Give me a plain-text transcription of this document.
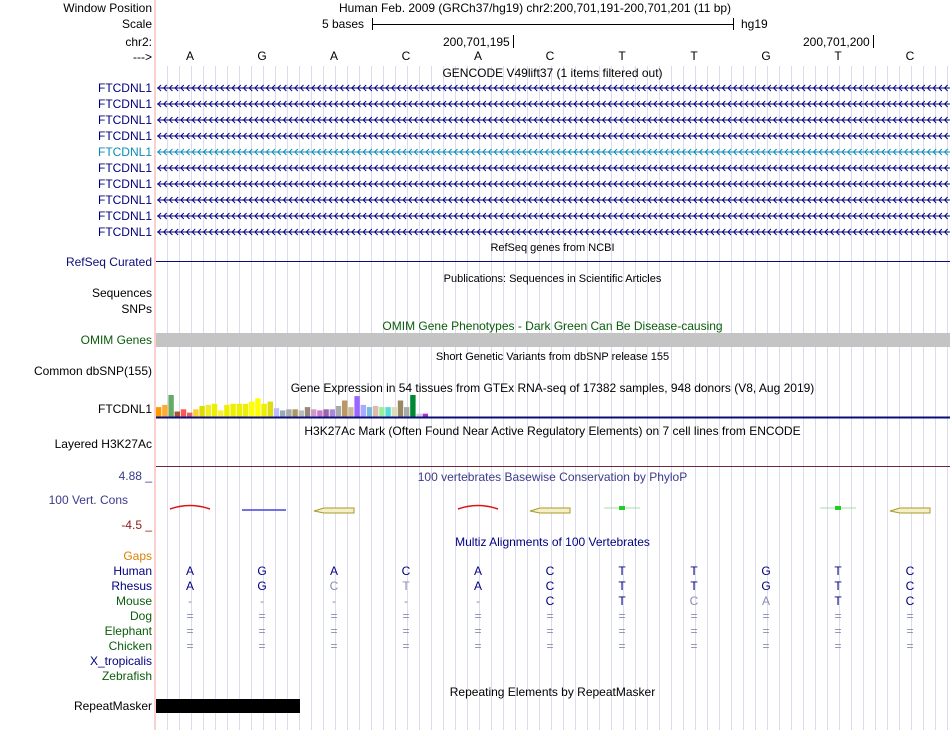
Window Position	Human Feb. 2009 (GRCh37/hg19) chr2:200,701,191-200,701,201 (11 bp)
Scale	5 bases	hg19
chr2:	200,701,195	200,701,200
--->	A	G	A	C	A	C	T	T	G	T	C
GENCODE V49lift37 (1 items filtered out)
FTCDNL1
FTCDNL1
FTCDNL1
FTCDNL1
FTCDNL1
FTCDNL1
FTCDNL1
FTCDNL1
FTCDNL1
FTCDNL1
RefSeq genes from NCBI
RefSeq Curated
Publications: Sequences in Scientific Articles
Sequences
SNPs
OMIM Gene Phenotypes - Dark Green Can Be Disease-causing
OMIM Genes
Short Genetic Variants from dbSNP release 155
Common dbSNP(155)
Gene Expression in 54 tissues from GTEx RNA-seq of 17382 samples, 948 donors (V8, Aug 2019)
FTCDNL1
H3K27Ac Mark (Often Found Near Active Regulatory Elements) on 7 cell lines from ENCODE
Layered H3K27Ac
100 vertebrates Basewise Conservation by PhyloP
4.88 _
100 Vert. Cons
-4.5 _
Multiz Alignments of 100 Vertebrates
Gaps
Human	A	G	A	C	A	C	T	T	G	T	C
Rhesus	A	G	C	T	A	C	T	T	G	T	C
Mouse	-	-	-	-	-	C	T	C	A	T	C
Dog	=	=	=	=	=	=	=	=	=	=	=
Elephant	=	=	=	=	=	=	=	=	=	=	=
Chicken	=	=	=	=	=	=	=	=	=	=	=
X_tropicalis
Zebrafish
Repeating Elements by RepeatMasker
RepeatMasker
